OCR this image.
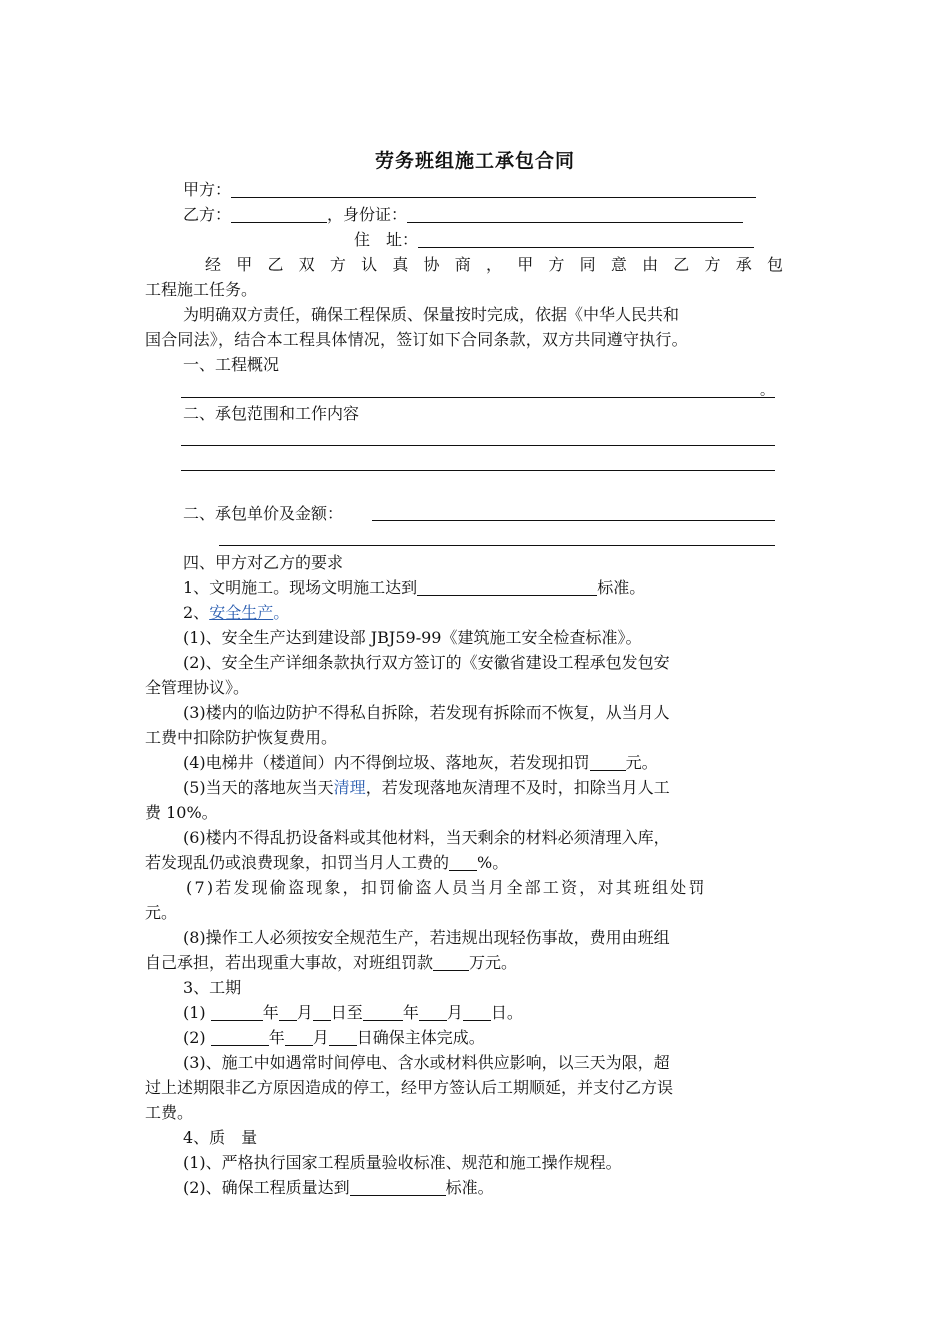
劳务班组施工承包合同
甲方：
乙方：	，身份证：
住　址：
经 甲 乙 双 方 认 真 协 商 ， 甲 方 同 意 由 乙 方 承 包
工程施工任务。
为明确双方责任，确保工程保质、保量按时完成，依据《中华人民共和
国合同法》，结合本工程具体情况，签订如下合同条款，双方共同遵守执行。
一、工程概况
。
二、承包范围和工作内容
二、承包单价及金额：
四、甲方对乙方的要求
1、文明施工。现场文明施工达到	标准。
2、安全生产。
(1)、安全生产达到建设部 JBJ59-99《建筑施工安全检查标准》。
(2)、安全生产详细条款执行双方签订的《安徽省建设工程承包发包安
全管理协议》。
(3)楼内的临边防护不得私自拆除，若发现有拆除而不恢复，从当月人
工费中扣除防护恢复费用。
(4)电梯井（楼道间）内不得倒垃圾、落地灰，若发现扣罚 元。
(5)当天的落地灰当天清理，若发现落地灰清理不及时，扣除当月人工
费 10%。
(6)楼内不得乱扔设备料或其他材料，当天剩余的材料必须清理入库，
若发现乱仍或浪费现象，扣罚当月人工费的 %。
(7)若发现偷盗现象，扣罚偷盗人员当月全部工资，对其班组处罚
元。
(8)操作工人必须按安全规范生产，若违规出现轻伤事故，费用由班组
自己承担，若出现重大事故，对班组罚款 万元。
3、工期
(1)	年 月 日至	年 月 日。
(2)	年 月 日确保主体完成。
(3)、施工中如遇常时间停电、含水或材料供应影响，以三天为限，超
过上述期限非乙方原因造成的停工，经甲方签认后工期顺延，并支付乙方误
工费。
4、质　量
(1)、严格执行国家工程质量验收标准、规范和施工操作规程。
(2)、确保工程质量达到	标准。
